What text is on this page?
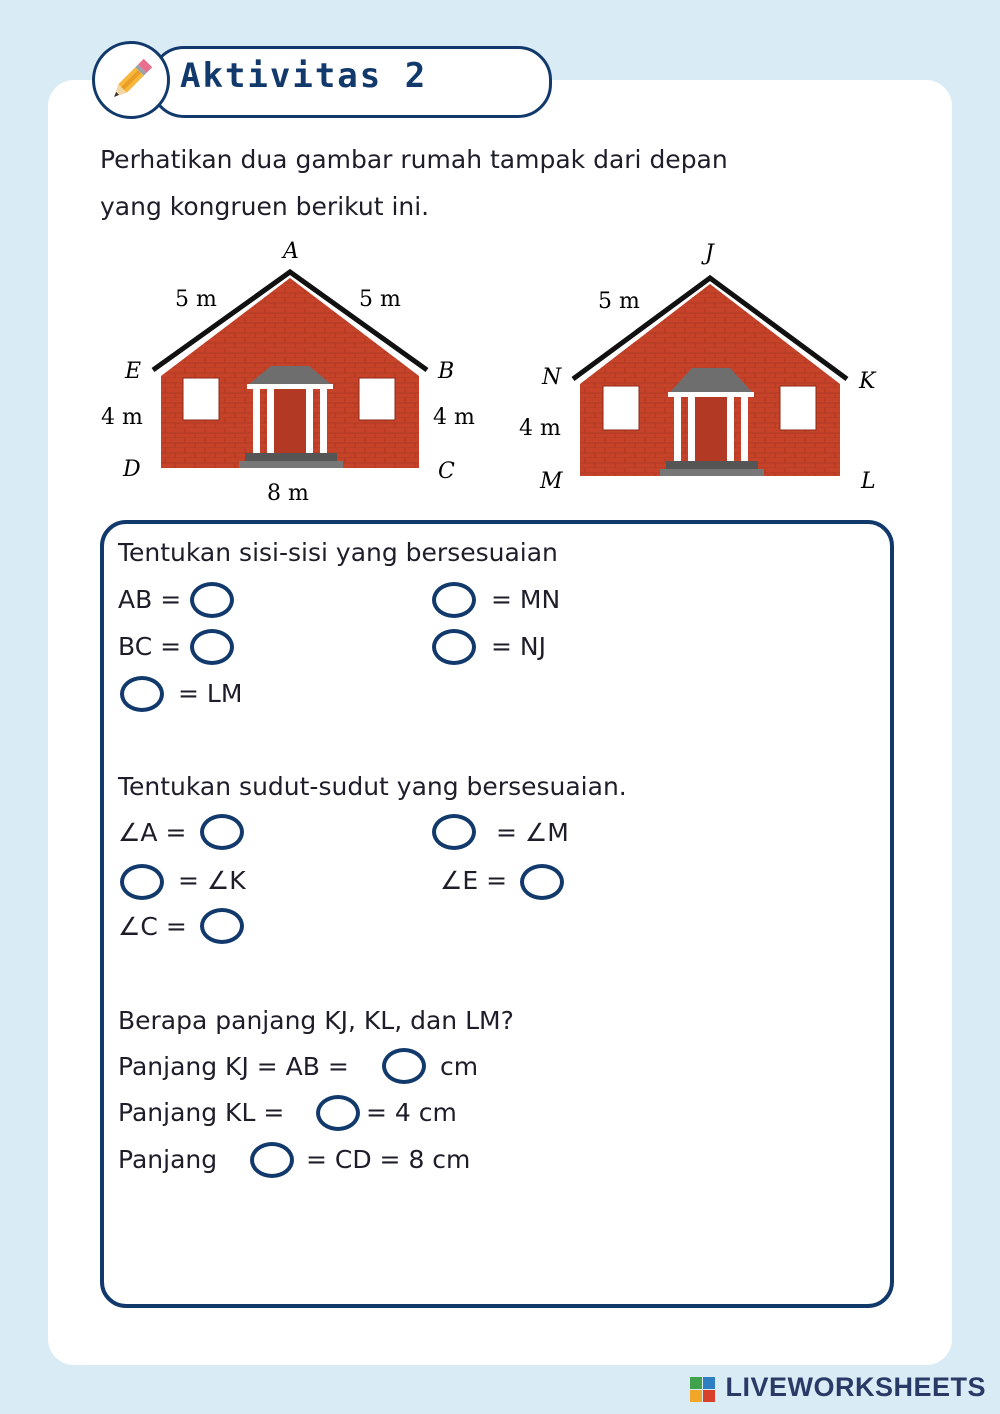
Aktivitas 2
Perhatikan dua gambar rumah tampak dari depan
yang kongruen berikut ini.
A
E	B
D	C
5 m	5 m
4 m	4 m
8 m
J
N	K
M	L
5 m
4 m
Tentukan sisi-sisi yang bersesuaian
AB =	= MN
BC =	= NJ
= LM
Tentukan sudut-sudut yang bersesuaian.
∠A =	= ∠M
= ∠K	∠E =
∠C =
Berapa panjang KJ, KL, dan LM?
Panjang KJ = AB =	cm
Panjang KL =	= 4 cm
Panjang	= CD = 8 cm
LIVEWORKSHEETS
